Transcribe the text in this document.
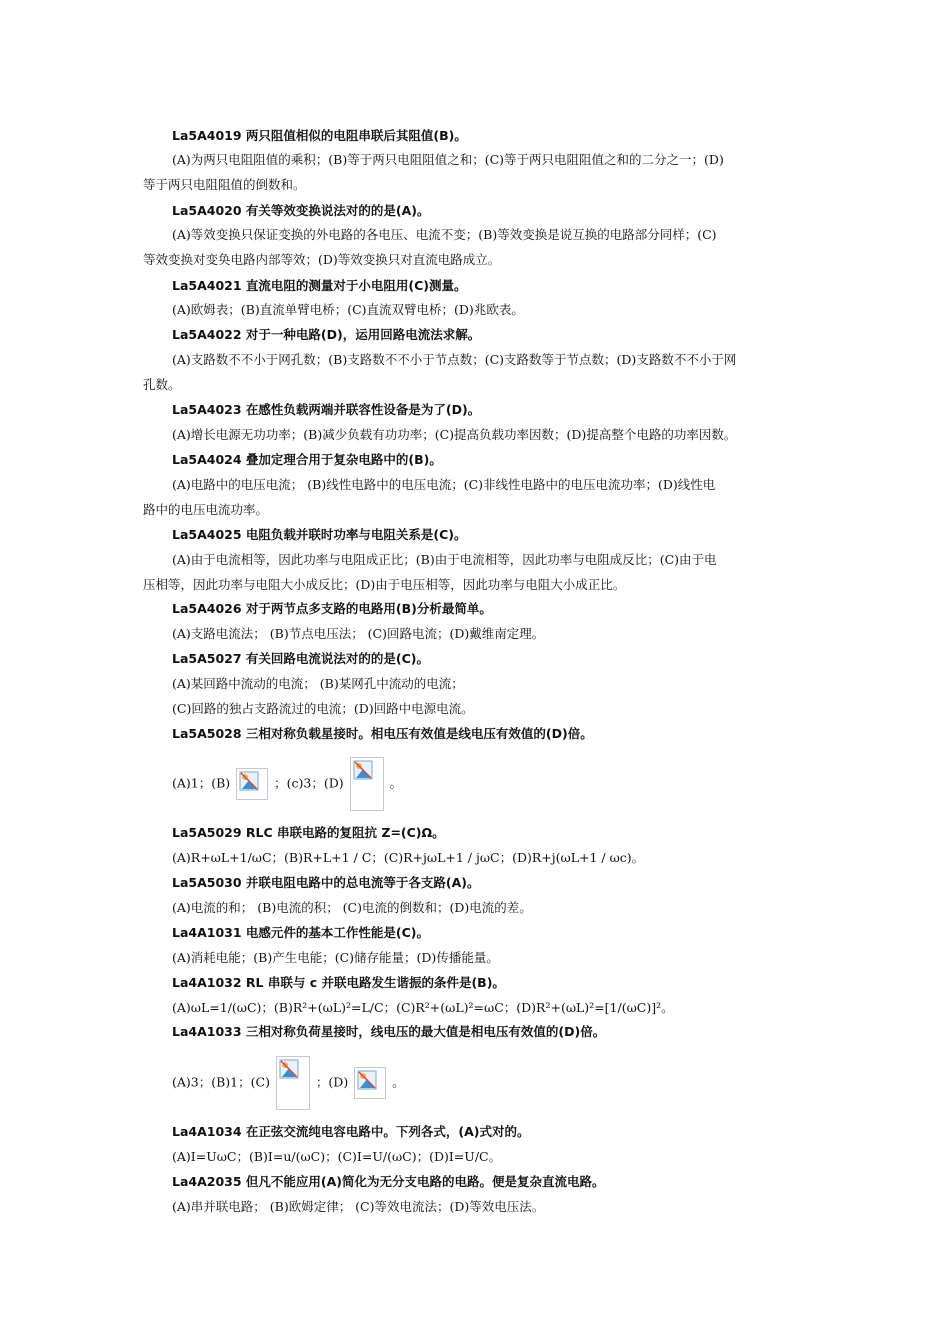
La5A4019 两只阻值相似的电阻串联后其阻值(B)。
(A)为两只电阻阻值的乘积；(B)等于两只电阻阻值之和；(C)等于两只电阻阻值之和的二分之一；(D)
等于两只电阻阻值的倒数和。
La5A4020 有关等效变换说法对的的是(A)。
(A)等效变换只保证变换的外电路的各电压、电流不变；(B)等效变换是说互换的电路部分同样；(C)
等效变换对变奂电路内部等效；(D)等效变换只对直流电路成立。
La5A4021 直流电阻的测量对于小电阻用(C)测量。
(A)欧姆表；(B)直流单臂电桥；(C)直流双臂电桥；(D)兆欧表。
La5A4022 对于一种电路(D)，运用回路电流法求解。
(A)支路数不不小于网孔数；(B)支路数不不小于节点数；(C)支路数等于节点数；(D)支路数不不小于网
孔数。
La5A4023 在感性负载两端并联容性设备是为了(D)。
(A)增长电源无功功率；(B)减少负载有功功率；(C)提高负载功率因数；(D)提高整个电路的功率因数。
La5A4024 叠加定理合用于复杂电路中的(B)。
(A)电路中的电压电流； (B)线性电路中的电压电流；(C)非线性电路中的电压电流功率；(D)线性电
路中的电压电流功率。
La5A4025 电阻负载并联时功率与电阻关系是(C)。
(A)由于电流相等，因此功率与电阻成正比；(B)由于电流相等，因此功率与电阻成反比；(C)由于电
压相等，因此功率与电阻大小成反比；(D)由于电压相等，因此功率与电阻大小成正比。
La5A4026 对于两节点多支路的电路用(B)分析最简单。
(A)支路电流法； (B)节点电压法； (C)回路电流；(D)戴维南定理。
La5A5027 有关回路电流说法对的的是(C)。
(A)某回路中流动的电流； (B)某网孔中流动的电流；
(C)回路的独占支路流过的电流；(D)回路中电源电流。
La5A5028 三相对称负载星接时。相电压有效值是线电压有效值的(D)倍。
(A)1；(B)	；(c)3；(D)	。
La5A5029 RLC 串联电路的复阻抗 Z=(C)Ω。
(A)R+ωL+1/ωC；(B)R+L+1 / C；(C)R+jωL+1 / jωC；(D)R+j(ωL+1 / ωc)。
La5A5030 并联电阻电路中的总电流等于各支路(A)。
(A)电流的和； (B)电流的积； (C)电流的倒数和；(D)电流的差。
La4A1031 电感元件的基本工作性能是(C)。
(A)消耗电能；(B)产生电能；(C)储存能量；(D)传播能量。
La4A1032 RL 串联与 c 并联电路发生谐振的条件是(B)。
(A)ωL=1/(ωC)；(B)R²+(ωL)²=L/C；(C)R²+(ωL)²=ωC；(D)R²+(ωL)²=[1/(ωC)]²。
La4A1033 三相对称负荷星接时，线电压的最大值是相电压有效值的(D)倍。
(A)3；(B)1；(C)	；(D)	。
La4A1034 在正弦交流纯电容电路中。下列各式，(A)式对的。
(A)I=UωC；(B)I=u/(ωC)；(C)I=U/(ωC)；(D)I=U/C。
La4A2035 但凡不能应用(A)简化为无分支电路的电路。便是复杂直流电路。
(A)串并联电路； (B)欧姆定律； (C)等效电流法；(D)等效电压法。
